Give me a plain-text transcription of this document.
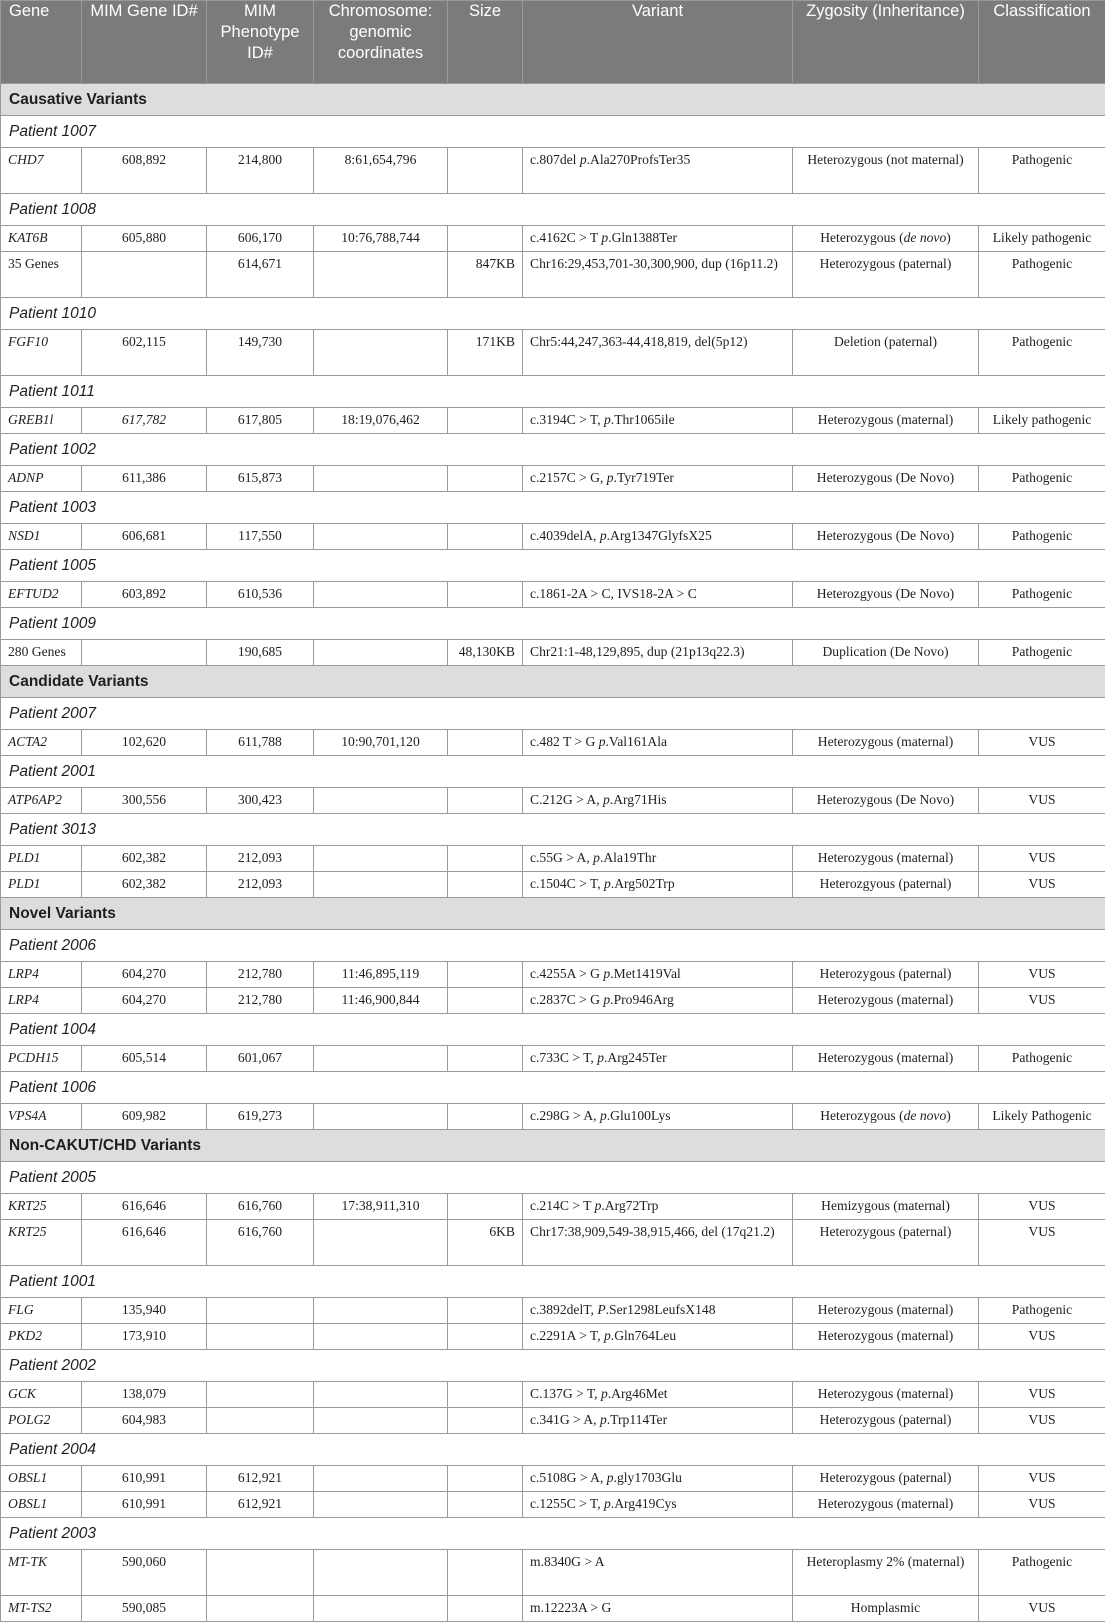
Gene	MIM Gene ID#	MIM Phenotype ID#	Chromosome: genomic coordinates	Size	Variant	Zygosity (Inheritance)	Classification
Causative Variants							
Patient 1007							
CHD7	608,892	214,800	8:61,654,796		c.807del p.Ala270ProfsTer35	Heterozygous (not maternal)	Pathogenic
Patient 1008							
KAT6B	605,880	606,170	10:76,788,744		c.4162C > T p.Gln1388Ter	Heterozygous (de novo)	Likely pathogenic
35 Genes		614,671		847KB	Chr16:29,453,701-30,300,900, dup (16p11.2)	Heterozygous (paternal)	Pathogenic
Patient 1010							
FGF10	602,115	149,730		171KB	Chr5:44,247,363-44,418,819, del(5p12)	Deletion (paternal)	Pathogenic
Patient 1011							
GREB1l	617,782	617,805	18:19,076,462		c.3194C > T, p.Thr1065ile	Heterozygous (maternal)	Likely pathogenic
Patient 1002							
ADNP	611,386	615,873			c.2157C > G, p.Tyr719Ter	Heterozygous (De Novo)	Pathogenic
Patient 1003							
NSD1	606,681	117,550			c.4039delA, p.Arg1347GlyfsX25	Heterozygous (De Novo)	Pathogenic
Patient 1005							
EFTUD2	603,892	610,536			c.1861-2A > C, IVS18-2A > C	Heterozgyous (De Novo)	Pathogenic
Patient 1009							
280 Genes		190,685		48,130KB	Chr21:1-48,129,895, dup (21p13q22.3)	Duplication (De Novo)	Pathogenic
Candidate Variants							
Patient 2007							
ACTA2	102,620	611,788	10:90,701,120		c.482 T > G p.Val161Ala	Heterozygous (maternal)	VUS
Patient 2001							
ATP6AP2	300,556	300,423			C.212G > A, p.Arg71His	Heterozygous (De Novo)	VUS
Patient 3013							
PLD1	602,382	212,093			c.55G > A, p.Ala19Thr	Heterozygous (maternal)	VUS
PLD1	602,382	212,093			c.1504C > T, p.Arg502Trp	Heterozgyous (paternal)	VUS
Novel Variants							
Patient 2006							
LRP4	604,270	212,780	11:46,895,119		c.4255A > G p.Met1419Val	Heterozygous (paternal)	VUS
LRP4	604,270	212,780	11:46,900,844		c.2837C > G p.Pro946Arg	Heterozygous (maternal)	VUS
Patient 1004							
PCDH15	605,514	601,067			c.733C > T, p.Arg245Ter	Heterozygous (maternal)	Pathogenic
Patient 1006							
VPS4A	609,982	619,273			c.298G > A, p.Glu100Lys	Heterozygous (de novo)	Likely Pathogenic
Non-CAKUT/CHD Variants							
Patient 2005							
KRT25	616,646	616,760	17:38,911,310		c.214C > T p.Arg72Trp	Hemizygous (maternal)	VUS
KRT25	616,646	616,760		6KB	Chr17:38,909,549-38,915,466, del (17q21.2)	Heterozygous (paternal)	VUS
Patient 1001							
FLG	135,940				c.3892delT, P.Ser1298LeufsX148	Heterozygous (maternal)	Pathogenic
PKD2	173,910				c.2291A > T, p.Gln764Leu	Heterozygous (maternal)	VUS
Patient 2002							
GCK	138,079				C.137G > T, p.Arg46Met	Heterozygous (maternal)	VUS
POLG2	604,983				c.341G > A, p.Trp114Ter	Heterozygous (paternal)	VUS
Patient 2004							
OBSL1	610,991	612,921			c.5108G > A, p.gly1703Glu	Heterozygous (paternal)	VUS
OBSL1	610,991	612,921			c.1255C > T, p.Arg419Cys	Heterozygous (maternal)	VUS
Patient 2003							
MT-TK	590,060				m.8340G > A	Heteroplasmy 2% (maternal)	Pathogenic
MT-TS2	590,085				m.12223A > G	Homplasmic	VUS
